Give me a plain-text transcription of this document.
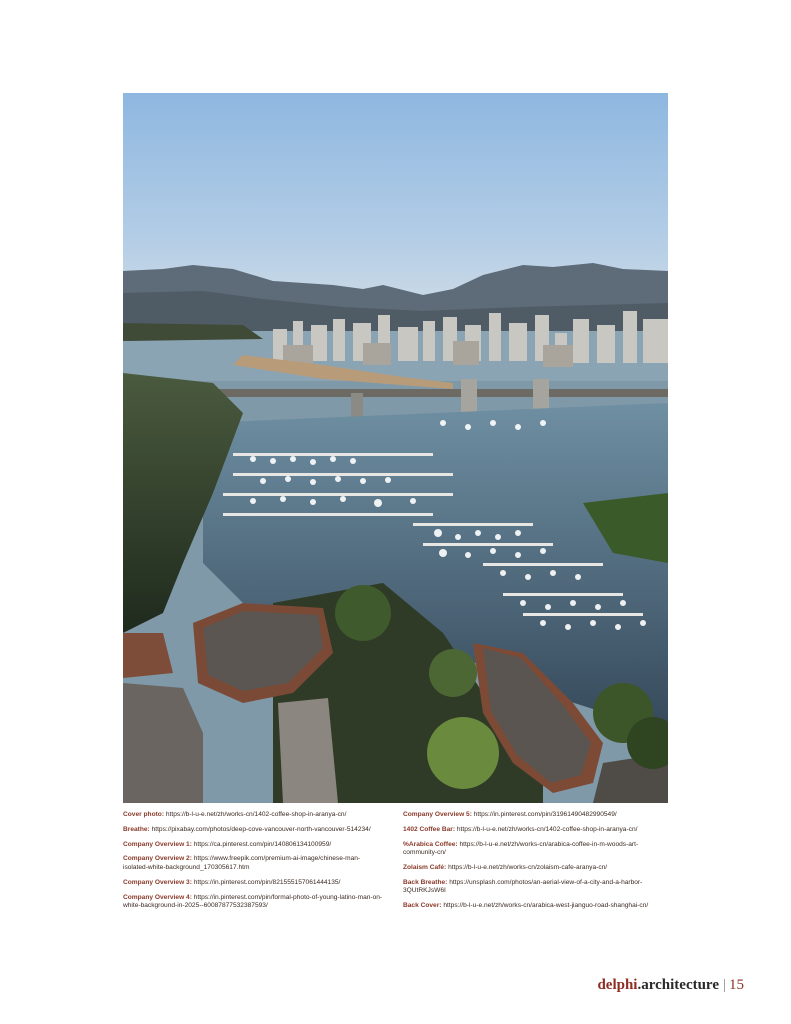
Cover photo: https://b-l-u-e.net/zh/works-cn/1402-coffee-shop-in-aranya-cn/
Breathe: https://pixabay.com/photos/deep-cove-vancouver-north-vancouver-514234/
Company Overview 1: https://ca.pinterest.com/pin/140806134100959/
Company Overview 2: https://www.freepik.com/premium-ai-image/chinese-man-isolated-white-background_170305617.htm
Company Overview 3: https://in.pinterest.com/pin/821555157061444135/
Company Overview 4: https://in.pinterest.com/pin/formal-photo-of-young-latino-man-on-white-background-in-2025--60087877532387593/
Company Overview 5: https://in.pinterest.com/pin/31961490482990549/
1402 Coffee Bar: https://b-l-u-e.net/zh/works-cn/1402-coffee-shop-in-aranya-cn/
%Arabica Coffee: https://b-l-u-e.net/zh/works-cn/arabica-coffee-in-m-woods-art-community-cn/
Zolaism Café: https://b-l-u-e.net/zh/works-cn/zolaism-cafe-aranya-cn/
Back Breathe: https://unsplash.com/photos/an-aerial-view-of-a-city-and-a-harbor-3QUtRKJsW6I
Back Cover: https://b-l-u-e.net/zh/works-cn/arabica-west-jianguo-road-shanghai-cn/
delphi.architecture | 15
